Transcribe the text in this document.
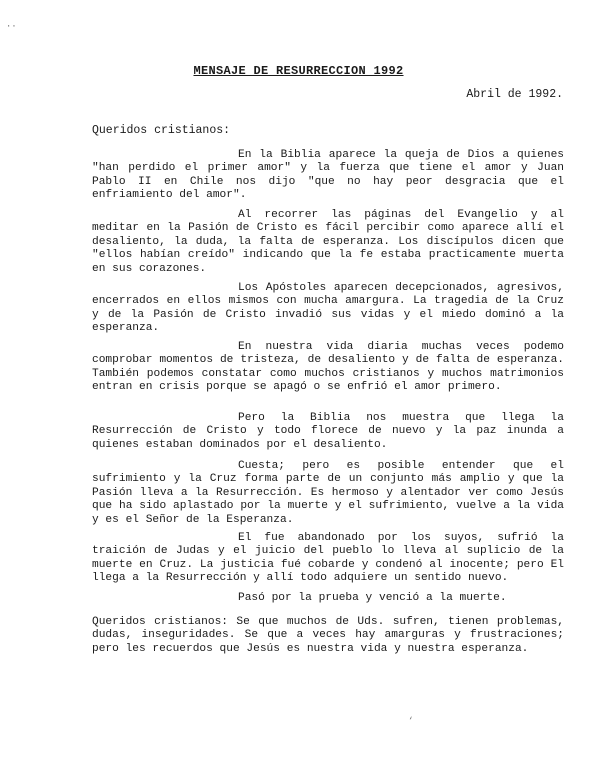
MENSAJE DE RESURRECCION 1992
Abril de 1992.
Queridos cristianos:
En la Biblia aparece la queja de Dios a quienes "han perdido el primer amor" y la fuerza que tiene el amor y Juan Pablo II en Chile nos dijo "que no hay peor desgracia que el enfriamiento del amor".
Al recorrer las páginas del Evangelio y al meditar en la Pasión de Cristo es fácil percibir como aparece allí el desaliento, la duda, la falta de esperanza. Los discípulos dicen que "ellos habían creído" indicando que la fe estaba practicamente muerta en sus corazones.
Los Apóstoles aparecen decepcionados, agresivos, encerrados en ellos mismos con mucha amargura. La tragedia de la Cruz y de la Pasión de Cristo invadió sus vidas y el miedo dominó a la esperanza.
En nuestra vida diaria muchas veces podemo comprobar momentos de tristeza, de desaliento y de falta de esperanza. También podemos constatar como muchos cristianos y muchos matrimonios entran en crisis porque se apagó o se enfrió el amor primero.
Pero la Biblia nos muestra que llega la Resurrección de Cristo y todo florece de nuevo y la paz inunda a quienes estaban dominados por el desaliento.
Cuesta; pero es posible entender que el sufrimiento y la Cruz forma parte de un conjunto más amplio y que la Pasión lleva a la Resurrección. Es hermoso y alentador ver como Jesús que ha sido aplastado por la muerte y el sufrimiento, vuelve a la vida y es el Señor de la Esperanza.
El fue abandonado por los suyos, sufrió la traición de Judas y el juicio del pueblo lo lleva al suplicio de la muerte en Cruz. La justicia fué cobarde y condenó al inocente; pero El llega a la Resurrección y allí todo adquiere un sentido nuevo.
Pasó por la prueba y venció a la muerte.
Queridos cristianos: Se que muchos de Uds. sufren, tienen problemas, dudas, inseguridades. Se que a veces hay amarguras y frustraciones; pero les recuerdos que Jesús es nuestra vida y nuestra esperanza.
⋅⋅
‘
